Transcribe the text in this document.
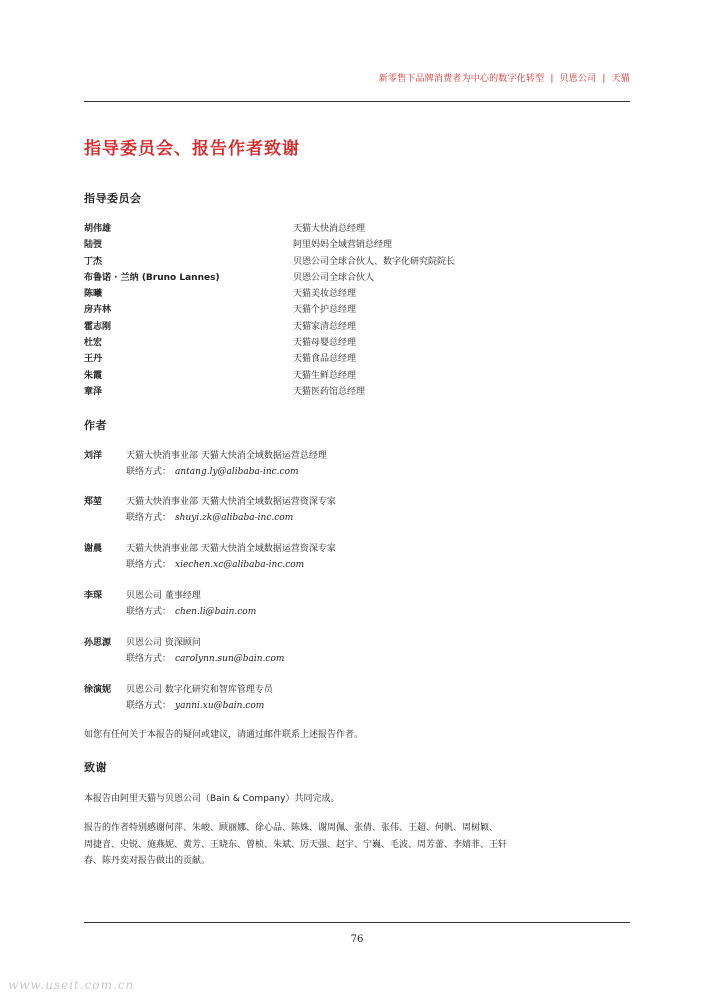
新零售下品牌消费者为中心的数字化转型 | 贝恩公司 | 天猫
指导委员会、报告作者致谢
指导委员会
胡伟雄	天猫大快消总经理
陆弢	阿里妈妈全域营销总经理
丁杰	贝恩公司全球合伙人、数字化研究院院长
布鲁诺 · 兰纳 (Bruno Lannes)	贝恩公司全球合伙人
陈曦	天猫美妆总经理
房卉林	天猫个护总经理
霍志刚	天猫家清总经理
杜宏	天猫母婴总经理
王丹	天猫食品总经理
朱霞	天猫生鲜总经理
章泽	天猫医药馆总经理
作者
刘洋	天猫大快消事业部 天猫大快消全域数据运营总经理
联络方式： antang.ly@alibaba-inc.com
郑堃	天猫大快消事业部 天猫大快消全域数据运营资深专家
联络方式： shuyi.zk@alibaba-inc.com
谢晨	天猫大快消事业部 天猫大快消全域数据运营资深专家
联络方式： xiechen.xc@alibaba-inc.com
李琛	贝恩公司 董事经理
联络方式： chen.li@bain.com
孙思源 贝恩公司 资深顾问
联络方式： carolynn.sun@bain.com
徐演妮 贝恩公司 数字化研究和智库管理专员
联络方式： yanni.xu@bain.com
如您有任何关于本报告的疑问或建议，请通过邮件联系上述报告作者。
致谢
本报告由阿里天猫与贝恩公司（Bain & Company）共同完成。
报告的作者特别感谢何萍、朱峻、顾丽娜、徐心品、陈姝、谢周佩、张倩、张伟、王超、何帆、周树颖、
周捷音、史锐、施燕妮、黄芳、王晓东、曾桢、朱斌、厉天强、赵宇、宁巍、毛波、周芳蕾、李婧菲、王轩
春、陈丹奕对报告做出的贡献。
76
www.useit.com.cn
